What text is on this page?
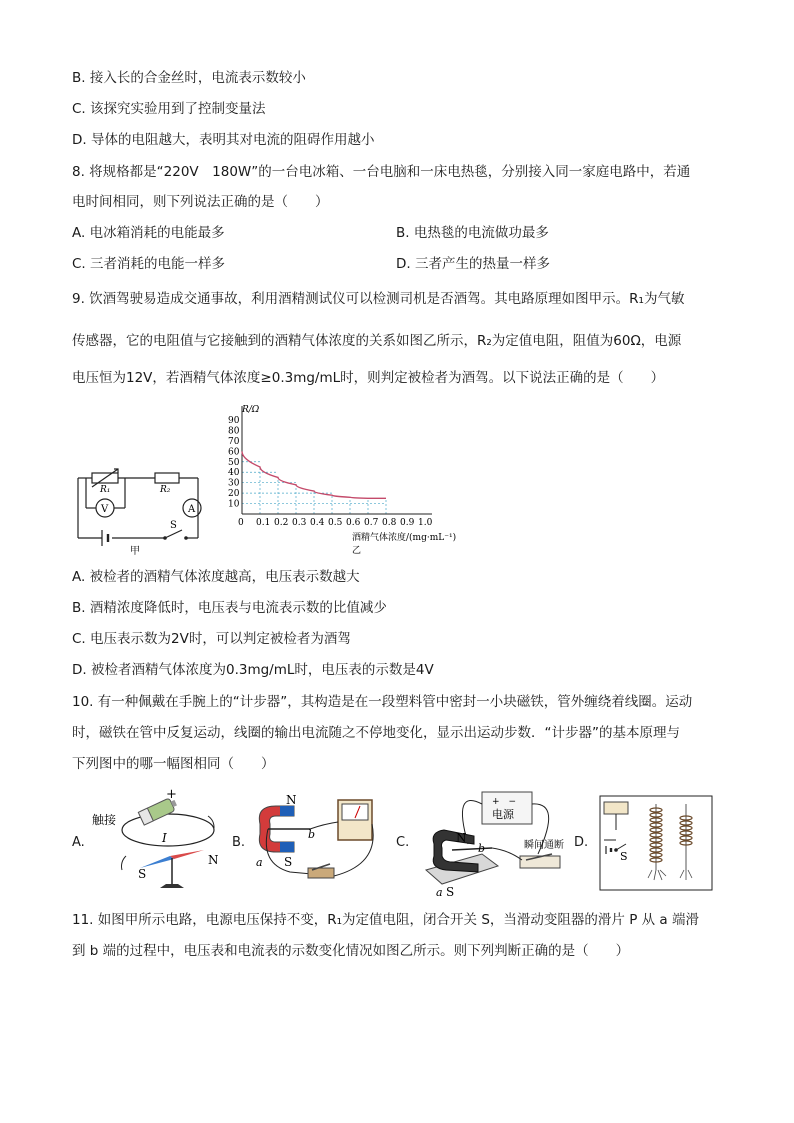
B. 接入长的合金丝时，电流表示数较小
C. 该探究实验用到了控制变量法
D. 导体的电阻越大，表明其对电流的阻碍作用越小
8. 将规格都是“220V　180W”的一台电冰箱、一台电脑和一床电热毯，分别接入同一家庭电路中，若通
电时间相同，则下列说法正确的是（　　）
A. 电冰箱消耗的电能最多	B. 电热毯的电流做功最多
C. 三者消耗的电能一样多	D. 三者产生的热量一样多
9. 饮酒驾驶易造成交通事故，利用酒精测试仪可以检测司机是否酒驾。其电路原理如图甲示。R₁为气敏
传感器，它的电阻值与它接触到的酒精气体浓度的关系如图乙所示，R₂为定值电阻，阻值为60Ω，电源
电压恒为12V，若酒精气体浓度≥0.3mg/mL时，则判定被检者为酒驾。以下说法正确的是（　　）
R₁	R₂
V	A
S
甲
0 0.1 0.2 0.3 0.4 0.5 0.6 0.7 0.8 0.9 1.0
10
20
30
40
50
60
70
80
90
R/Ω
酒精气体浓度/(mg·mL⁻¹)
乙
A. 被检者的酒精气体浓度越高，电压表示数越大
B. 酒精浓度降低时，电压表与电流表示数的比值减少
C. 电压表示数为2V时，可以判定被检者为酒驾
D. 被检者酒精气体浓度为0.3mg/mL时，电压表的示数是4V
10. 有一种佩戴在手腕上的“计步器”，其构造是在一段塑料管中密封一小块磁铁，管外缠绕着线圈。运动
时，磁铁在管中反复运动，线圈的输出电流随之不停地变化，显示出运动步数．“计步器”的基本原理与
下列图中的哪一幅图相同（　　）
A.	B.	C.	D.
触接
+
I
N
S
N
S
a
b
+　−
电源
N
S
a
b	瞬间通断
S
11. 如图甲所示电路，电源电压保持不变，R₁为定值电阻，闭合开关 S，当滑动变阻器的滑片 P 从 a 端滑
到 b 端的过程中，电压表和电流表的示数变化情况如图乙所示。则下列判断正确的是（　　）
